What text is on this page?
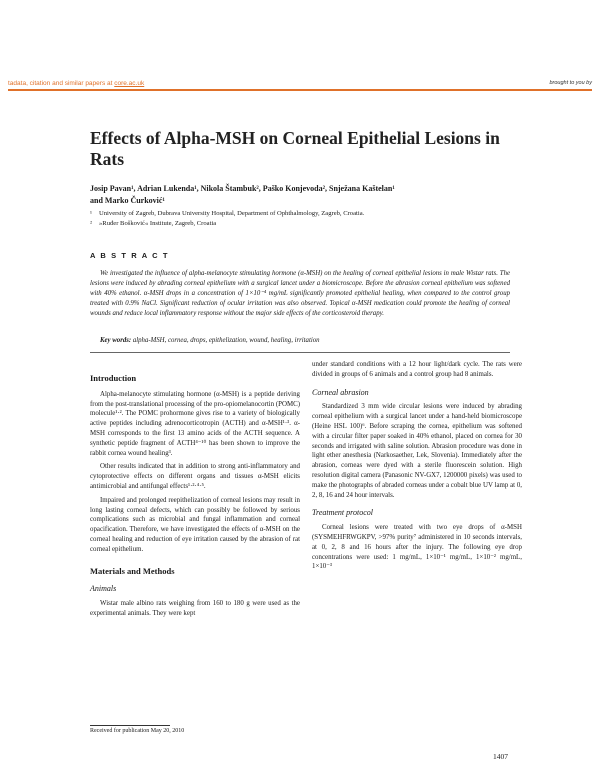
tadata, citation and similar papers at core.ac.uk	brought to you by
Effects of Alpha-MSH on Corneal Epithelial Lesions in Rats
Josip Pavan¹, Adrian Lukenda¹, Nikola Štambuk², Paško Konjevoda², Snježana Kaštelan¹
and Marko Čurković¹
¹ University of Zagreb, Dubrava University Hospital, Department of Ophthalmology, Zagreb, Croatia.
² »Ruđer Bošković« Institute, Zagreb, Croatia
A B S T R A C T

We investigated the influence of alpha-melanocyte stimulating hormone (α-MSH) on the healing of corneal epithelial lesions in male Wistar rats. The lesions were induced by abrading corneal epithelium with a surgical lancet under a biomicroscope. Before the abrasion corneal epithelium was softened with 40% ethanol. α-MSH drops in a concentration of 1×10⁻⁴ mg/mL significantly promoted epithelial healing, when compared to the control group treated with 0.9% NaCl. Significant reduction of ocular irritation was also observed. Topical α-MSH medication could promote the healing of corneal wounds and reduce local inflammatory response without the major side effects of the corticosteroid therapy.

Key words: alpha-MSH, cornea, drops, epithelization, wound, healing, irritation
Introduction

Alpha-melanocyte stimulating hormone (α-MSH) is a peptide deriving from the post-translational processing of the pro-opiomelanocortin (POMC) molecule¹·². The POMC prohormone gives rise to a variety of biologically active peptides including adrenocorticotropin (ACTH) and α-MSH¹·³. α-MSH corresponds to the first 13 amino acids of the ACTH sequence. A synthetic peptide fragment of ACTH⁴⁻¹⁰ has been shown to improve the rabbit cornea wound healing³.

Other results indicated that in addition to strong anti-inflammatory and cytoprotective effects on different organs and tissues α-MSH elicits antimicrobial and antifungal effects¹·²·⁴·⁵.

Impaired and prolonged reepithelization of corneal lesions may result in long lasting corneal defects, which can possibly be followed by serious complications such as microbial and fungal inflammation and corneal opacification. Therefore, we have investigated the effects of α-MSH on the corneal healing and reduction of eye irritation caused by the abrasion of rat corneal epithelium.

Materials and Methods
Animals

Wistar male albino rats weighing from 160 to 180 g were used as the experimental animals. They were kept

under standard conditions with a 12 hour light/dark cycle. The rats were divided in groups of 6 animals and a control group had 8 animals.

Corneal abrasion

Standardized 3 mm wide circular lesions were induced by abrading corneal epithelium with a surgical lancet under a hand-held biomicroscope (Heine HSL 100)⁶. Before scraping the cornea, epithelium was softened with a circular filter paper soaked in 40% ethanol, placed on cornea for 30 seconds and irrigated with saline solution. Abrasion procedure was done in light ether anesthesia (Narkosaether, Lek, Slovenia). Immediately after the abrasion, corneas were dyed with a sterile fluorescein solution. High resolution digital camera (Panasonic NV-GX7, 1200000 pixels) was used to make the photographs of abraded corneas under a cobalt blue UV lamp at 0, 2, 8, 16 and 24 hour intervals.

Treatment protocol

Corneal lesions were treated with two eye drops of α-MSH (SYSMEHFRWGKPV, >97% purity⁷ administered in 10 seconds intervals, at 0, 2, 8 and 16 hours after the injury. The following eye drop concentrations were used: 1 mg/mL, 1×10⁻¹ mg/mL, 1×10⁻² mg/mL, 1×10⁻³

Received for publication May 20, 2010
1407
